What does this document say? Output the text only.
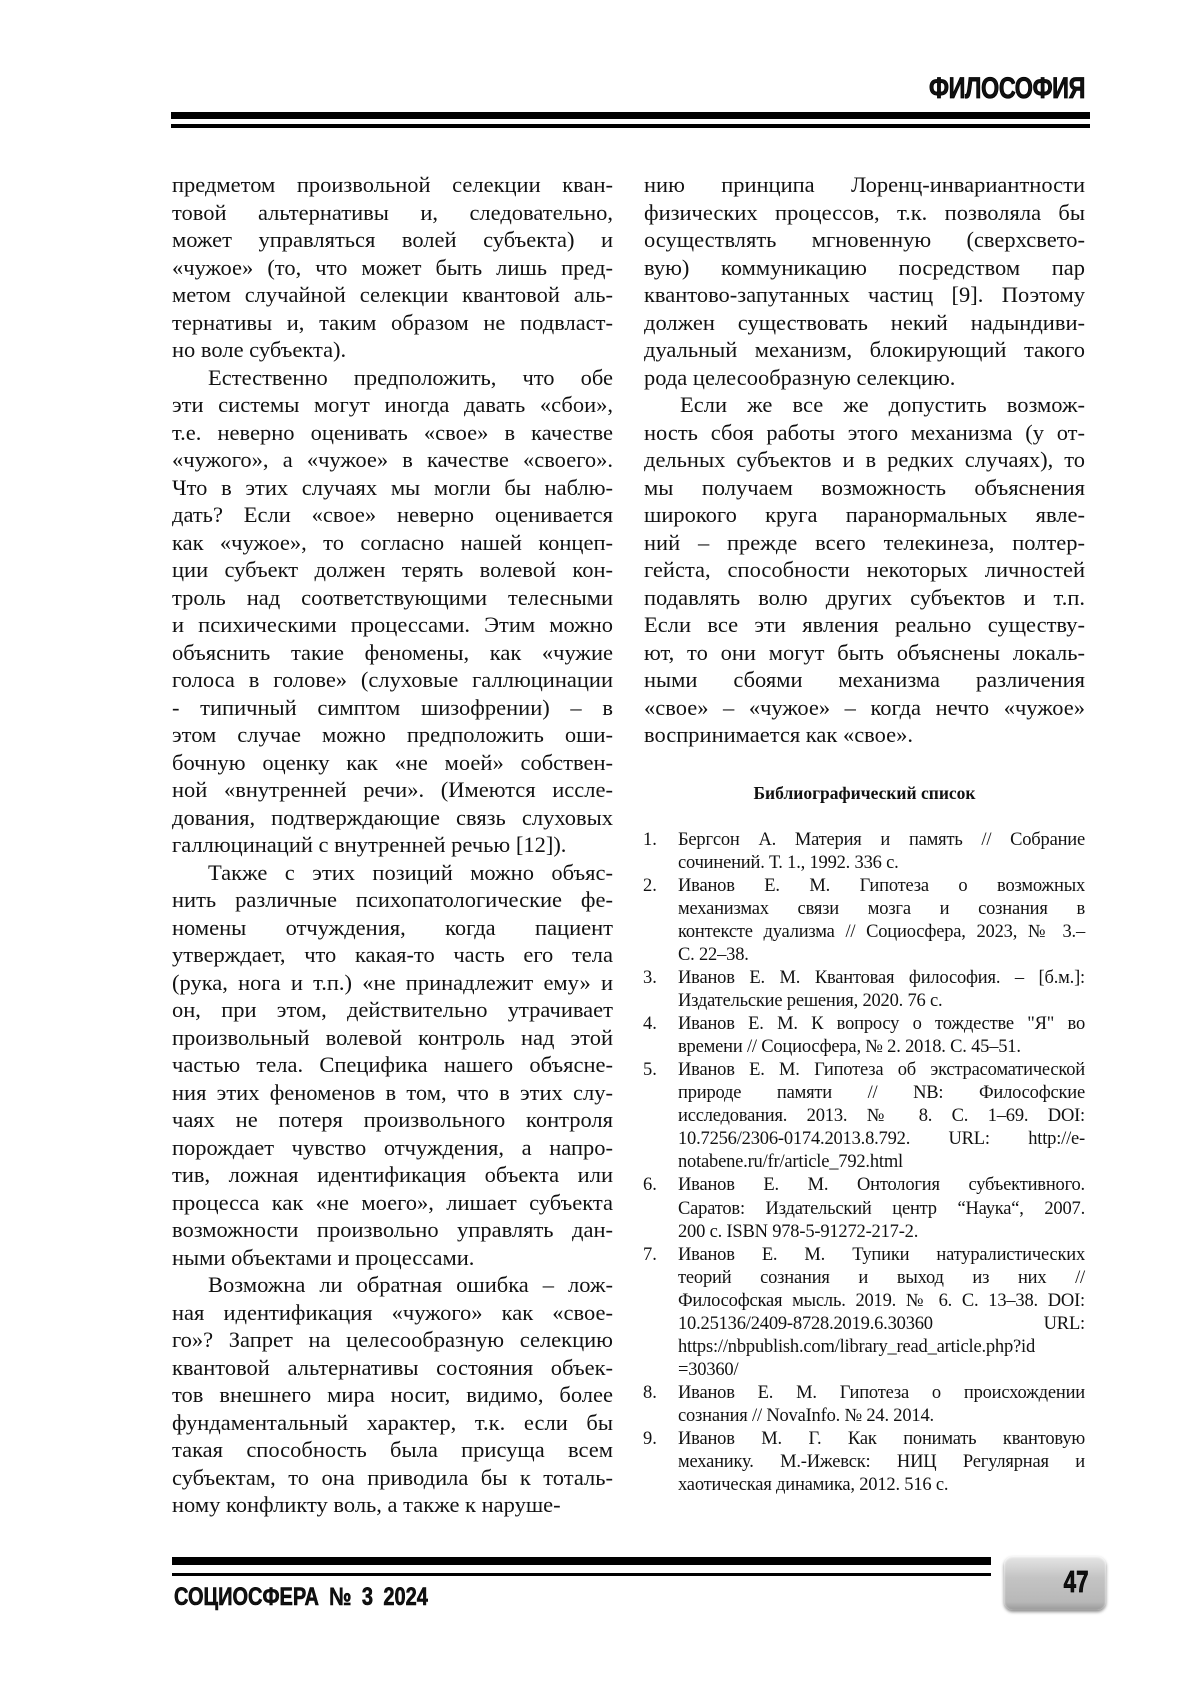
ФИЛОСОФИЯ
предметом произвольной селекции кван-
товой альтернативы и, следовательно,
может управляться волей субъекта) и
«чужое» (то, что может быть лишь пред-
метом случайной селекции квантовой аль-
тернативы и, таким образом не подвласт-
но воле субъекта).
Естественно предположить, что обе
эти системы могут иногда давать «сбои»,
т.е. неверно оценивать «свое» в качестве
«чужого», а «чужое» в качестве «своего».
Что в этих случаях мы могли бы наблю-
дать? Если «свое» неверно оценивается
как «чужое», то согласно нашей концеп-
ции субъект должен терять волевой кон-
троль над соответствующими телесными
и психическими процессами. Этим можно
объяснить такие феномены, как «чужие
голоса в голове» (слуховые галлюцинации
- типичный симптом шизофрении) – в
этом случае можно предположить оши-
бочную оценку как «не моей» собствен-
ной «внутренней речи». (Имеются иссле-
дования, подтверждающие связь слуховых
галлюцинаций с внутренней речью [12]).
Также с этих позиций можно объяс-
нить различные психопатологические фе-
номены отчуждения, когда пациент
утверждает, что какая-то часть его тела
(рука, нога и т.п.) «не принадлежит ему» и
он, при этом, действительно утрачивает
произвольный волевой контроль над этой
частью тела. Специфика нашего объясне-
ния этих феноменов в том, что в этих слу-
чаях не потеря произвольного контроля
порождает чувство отчуждения, а напро-
тив, ложная идентификация объекта или
процесса как «не моего», лишает субъекта
возможности произвольно управлять дан-
ными объектами и процессами.
Возможна ли обратная ошибка – лож-
ная идентификация «чужого» как «свое-
го»? Запрет на целесообразную селекцию
квантовой альтернативы состояния объек-
тов внешнего мира носит, видимо, более
фундаментальный характер, т.к. если бы
такая способность была присуща всем
субъектам, то она приводила бы к тоталь-
ному конфликту воль, а также к наруше-
нию принципа Лоренц-инвариантности
физических процессов, т.к. позволяла бы
осуществлять мгновенную (сверхсвето-
вую) коммуникацию посредством пар
квантово-запутанных частиц [9]. Поэтому
должен существовать некий надындиви-
дуальный механизм, блокирующий такого
рода целесообразную селекцию.
Если же все же допустить возмож-
ность сбоя работы этого механизма (у от-
дельных субъектов и в редких случаях), то
мы получаем возможность объяснения
широкого круга паранормальных явле-
ний – прежде всего телекинеза, полтер-
гейста, способности некоторых личностей
подавлять волю других субъектов и т.п.
Если все эти явления реально существу-
ют, то они могут быть объяснены локаль-
ными сбоями механизма различения
«свое» – «чужое» – когда нечто «чужое»
воспринимается как «свое».
Библиографический список
1. Бергсон А. Материя и память // Собрание
сочинений. Т. 1., 1992. 336 с.
2. Иванов Е. М. Гипотеза о возможных
механизмах связи мозга и сознания в
контексте дуализма // Социосфера, 2023, № 3.–
С. 22–38.
3. Иванов Е. М. Квантовая философия. – [б.м.]:
Издательские решения, 2020. 76 с.
4. Иванов Е. М. К вопросу о тождестве "Я" во
времени // Социосфера, № 2. 2018. С. 45–51.
5. Иванов Е. М. Гипотеза об экстрасоматической
природе памяти // NB: Философские
исследования. 2013. № 8. С. 1–69. DOI:
10.7256/2306-0174.2013.8.792. URL: http://e-
notabene.ru/fr/article_792.html
6. Иванов Е. М. Онтология субъективного.
Саратов: Издательский центр “Наука“, 2007.
200 с. ISBN 978-5-91272-217-2.
7. Иванов Е. М. Тупики натуралистических
теорий сознания и выход из них //
Философская мысль. 2019. № 6. С. 13–38. DOI:
10.25136/2409-8728.2019.6.30360 URL:
https://nbpublish.com/library_read_article.php?id
=30360/
8. Иванов Е. М. Гипотеза о происхождении
сознания // NovaInfo. № 24. 2014.
9. Иванов М. Г. Как понимать квантовую
механику. М.-Ижевск: НИЦ Регулярная и
хаотическая динамика, 2012. 516 с.
СОЦИОСФЕРА № 3 2024	47
